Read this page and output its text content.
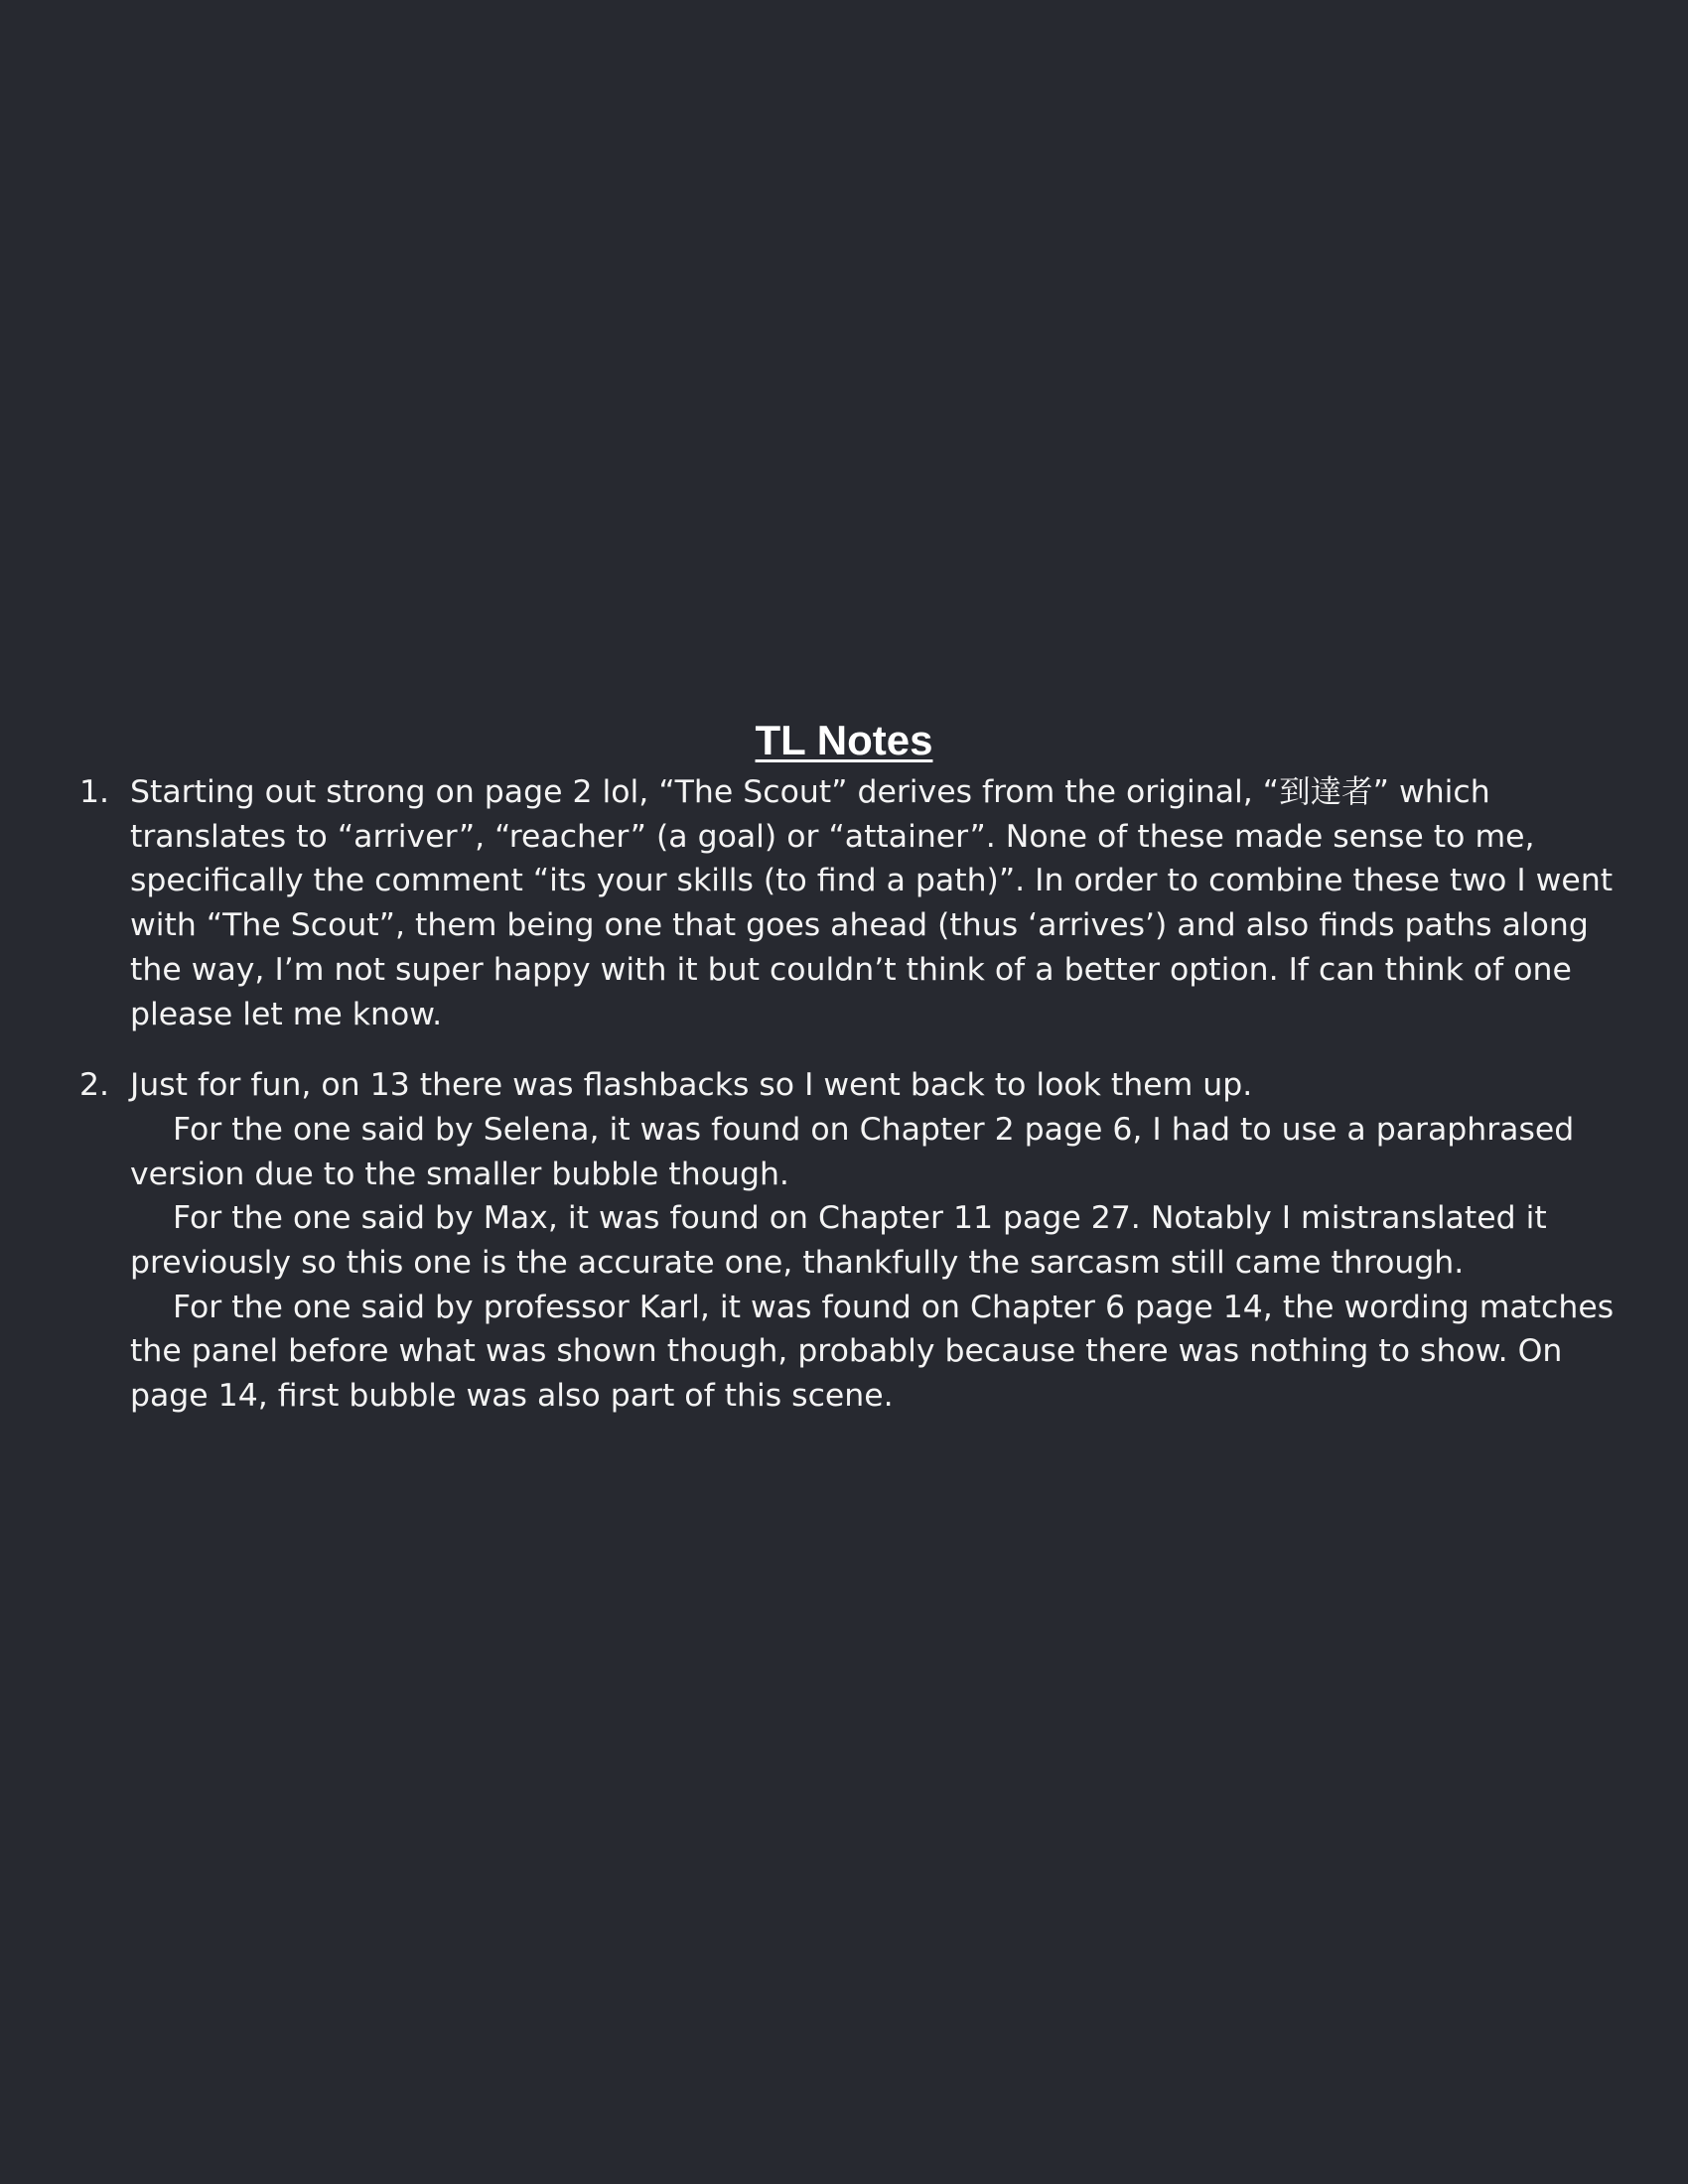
TL Notes
1. Starting out strong on page 2 lol, “The Scout” derives from the original, “到達者” which translates to “arriver”, “reacher” (a goal) or “attainer”. None of these made sense to me, specifically the comment “its your skills (to find a path)”. In order to combine these two I went with “The Scout”, them being one that goes ahead (thus ‘arrives’) and also finds paths along the way, I’m not super happy with it but couldn’t think of a better option. If can think of one please let me know.
2. Just for fun, on 13 there was flashbacks so I went back to look them up.
For the one said by Selena, it was found on Chapter 2 page 6, I had to use a paraphrased version due to the smaller bubble though.
For the one said by Max, it was found on Chapter 11 page 27. Notably I mistranslated it previously so this one is the accurate one, thankfully the sarcasm still came through.
For the one said by professor Karl, it was found on Chapter 6 page 14, the wording matches the panel before what was shown though, probably because there was nothing to show. On page 14, first bubble was also part of this scene.
